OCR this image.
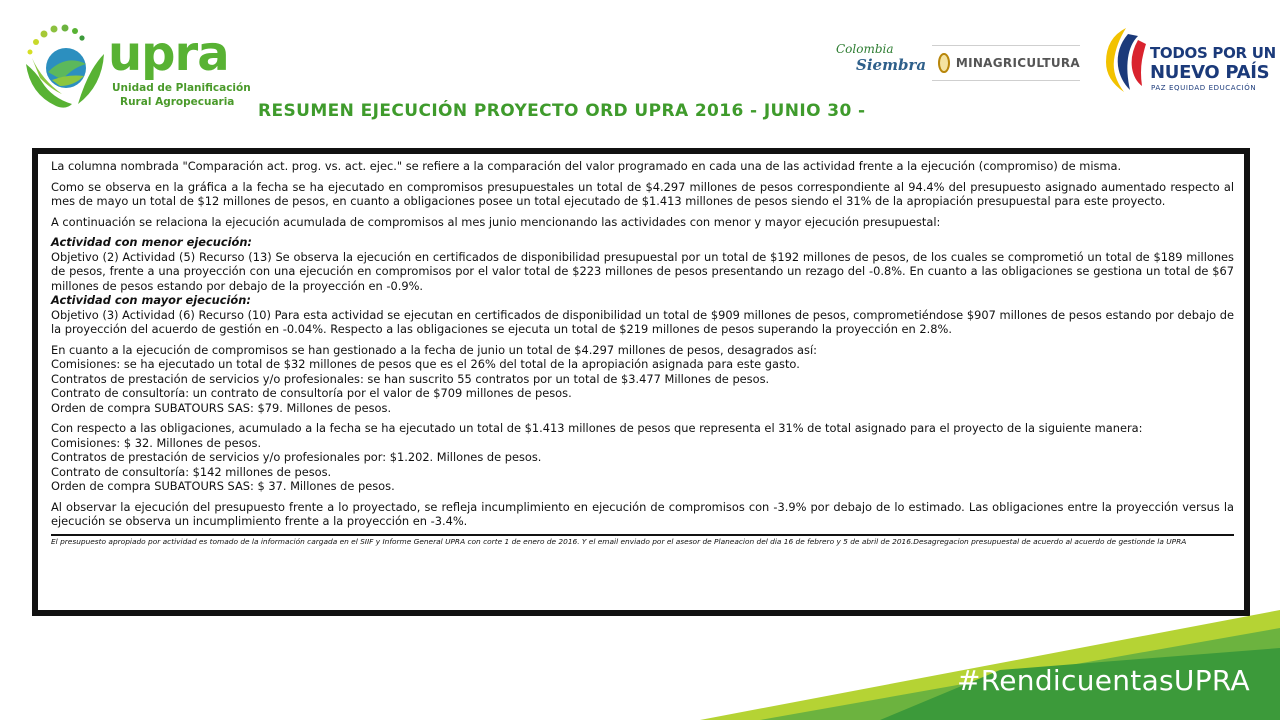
upra
Unidad de Planificación
Rural Agropecuaria RESUMEN EJECUCIÓN PROYECTO ORD UPRA 2016 - JUNIO 30 -
Colombia
Siembra MINAGRICULTURA
TODOS POR UN
NUEVO PAÍS
PAZ EQUIDAD EDUCACIÓN

La columna nombrada "Comparación act. prog. vs. act. ejec." se refiere a la comparación del valor programado en cada una de las actividad frente a la ejecución (compromiso) de misma.

Como se observa en la gráfica a la fecha se ha ejecutado en compromisos presupuestales un total de $4.297 millones de pesos correspondiente al 94.4% del presupuesto asignado aumentado respecto al mes de mayo un total de $12 millones de pesos, en cuanto a obligaciones posee un total ejecutado de $1.413 millones de pesos siendo el 31% de la apropiación presupuestal para este proyecto.

A continuación se relaciona la ejecución acumulada de compromisos al mes junio mencionando las actividades con menor y mayor ejecución presupuestal:

Actividad con menor ejecución:

Objetivo (2) Actividad (5) Recurso (13) Se observa la ejecución en certificados de disponibilidad presupuestal por un total de $192 millones de pesos, de los cuales se comprometió un total de $189 millones de pesos, frente a una proyección con una ejecución en compromisos por el valor total de $223 millones de pesos presentando un rezago del -0.8%. En cuanto a las obligaciones se gestiona un total de $67 millones de pesos estando por debajo de la proyección en -0.9%.

Actividad con mayor ejecución:

Objetivo (3) Actividad (6) Recurso (10) Para esta actividad se ejecutan en certificados de disponibilidad un total de $909 millones de pesos, comprometiéndose $907 millones de pesos estando por debajo de la proyección del acuerdo de gestión en -0.04%. Respecto a las obligaciones se ejecuta un total de $219 millones de pesos superando la proyección en 2.8%.

En cuanto a la ejecución de compromisos se han gestionado a la fecha de junio un total de $4.297 millones de pesos, desagrados así:

Comisiones: se ha ejecutado un total de $32 millones de pesos que es el 26% del total de la apropiación asignada para este gasto.

Contratos de prestación de servicios y/o profesionales: se han suscrito 55 contratos por un total de $3.477 Millones de pesos.

Contrato de consultoría: un contrato de consultoría por el valor de $709 millones de pesos.

Orden de compra SUBATOURS SAS: $79. Millones de pesos.

Con respecto a las obligaciones, acumulado a la fecha se ha ejecutado un total de $1.413 millones de pesos que representa el 31% de total asignado para el proyecto de la siguiente manera:

Comisiones: $ 32. Millones de pesos.

Contratos de prestación de servicios y/o profesionales por: $1.202. Millones de pesos.

Contrato de consultoría: $142 millones de pesos.

Orden de compra SUBATOURS SAS: $ 37. Millones de pesos.

Al observar la ejecución del presupuesto frente a lo proyectado, se refleja incumplimiento en ejecución de compromisos con -3.9% por debajo de lo estimado. Las obligaciones entre la proyección versus la ejecución se observa un incumplimiento frente a la proyección en -3.4%.

El presupuesto apropiado por actividad es tomado de la información cargada en el SIIF y Informe General UPRA con corte 1 de enero de 2016. Y el email enviado por el asesor de Planeacion del dia 16 de febrero y 5 de abril de 2016.Desagregacion presupuestal de acuerdo al acuerdo de gestionde la UPRA
#RendicuentasUPRA
